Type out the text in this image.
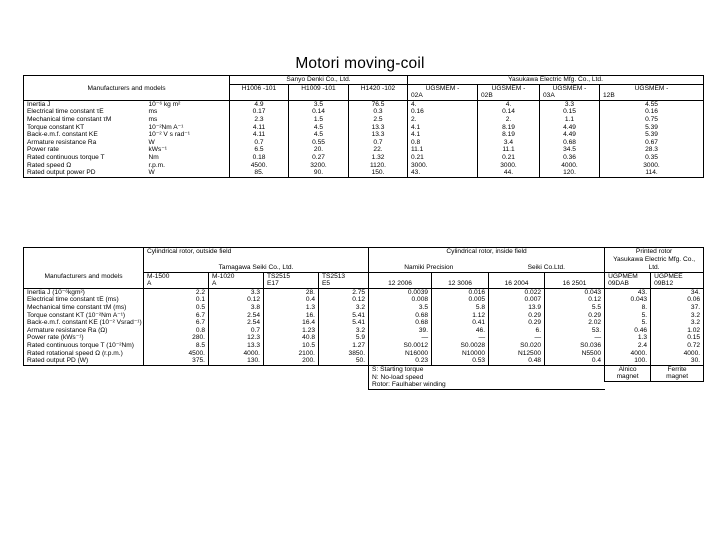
Motori moving-coil
		Sanyo Denki Co., Ltd.			Yasukawa Electric Mfg. Co., Ltd.			
Manufacturers and models		H1006 -101	H1009 -101	H1420 -102	UGSMEM -	UGSMEM -	UGSMEM -	UGSMEM -
					02A	02B	03A	12B
Inertia J	10⁻⁶ kg m²	4.9	3.5	76.5	4.	4.	3.3	4.55
Electrical time constant τE	ms	0.17	0.14	0.3	0.16	0.14	0.15	0.16
Mechanical time constant τM	ms	2.3	1.5	2.5	2.	2.	1.1	0.75
Torque constant KT	10⁻²Nm A⁻¹	4.11	4.5	13.3	4.1	8.19	4.49	5.39
Back-e.m.f. constant KE	10⁻² V s rad⁻¹	4.11	4.5	13.3	4.1	8.19	4.49	5.39
Armature resistance Ra	W	0.7	0.55	0.7	0.8	3.4	0.68	0.67
Power rate	kWs⁻¹	6.5	20.	22.	11.1	11.1	34.5	28.3
Rated continuous torque T	Nm	0.18	0.27	1.32	0.21	0.21	0.36	0.35
Rated speed Ω	r.p.m.	4500.	3200.	1120.	3000.	3000.	4000.	3000.
Rated output power PD	W	85.	90.	150.	43.	44.	120.	114.
	Cylindrical rotor, outside field				Cylindrical rotor, inside field				Printed rotor	
	Tamagawa Seiki Co., Ltd.				Namiki Precision		Seiki Co.Ltd.		Yasukawa Electric Mfg. Co., Ltd.	
Manufacturers and models	M-1500	M-1020	TS2515	TS2513					UGPMEM	UGPMEE
	A	A	E17	E5	12 2006	12 3006	16 2004	16 2501	09DAB	09B12
Inertia J (10⁻⁶kgm²)	2.2	3.3	28.	2.75	0.0039	0.016	0.022	0.043	43.	34.
Electrical time constant τE (ms)	0.1	0.12	0.4	0.12	0.008	0.005	0.007	0.12	0.043	0.06
Mechanical time constant τM (ms)	0.5	3.8	1.3	3.2	3.5	5.8	13.9	5.5	8.	37.
Torque constant KT (10⁻²Nm A⁻¹)	6.7	2.54	16.	5.41	0.68	1.12	0.29	0.29	5.	3.2
Back-e.m.f. constant KE (10⁻² Vsrad⁻¹)	6.7	2.54	16.4	5.41	0.68	0.41	0.29	2.02	5.	3.2
Armature resistance Ra (Ω)	0.8	0.7	1.23	3.2	39.	46.	6.	53.	0.46	1.02
Power rate (kWs⁻¹)	280.	12.3	40.8	5.9	—	—	—	—	1.3	0.15
Rated continuous torque T (10⁻²Nm)	8.5	13.3	10.5	1.27	S0.0012	S0.0028	S0.020	S0.036	2.4	0.72
Rated rotational speed Ω (r.p.m.)	4500.	4000.	2100.	3850.	N16000	N10000	N12500	N5500	4000.	4000.
Rated output PD (W)	375.	130.	200.	50.	0.23	0.53	0.48	0.4	100.	30.
					S: Starting torque				Alnico	Ferrite
					N: No-load speed				magnet	magnet
					Rotor: Faulhaber winding					
